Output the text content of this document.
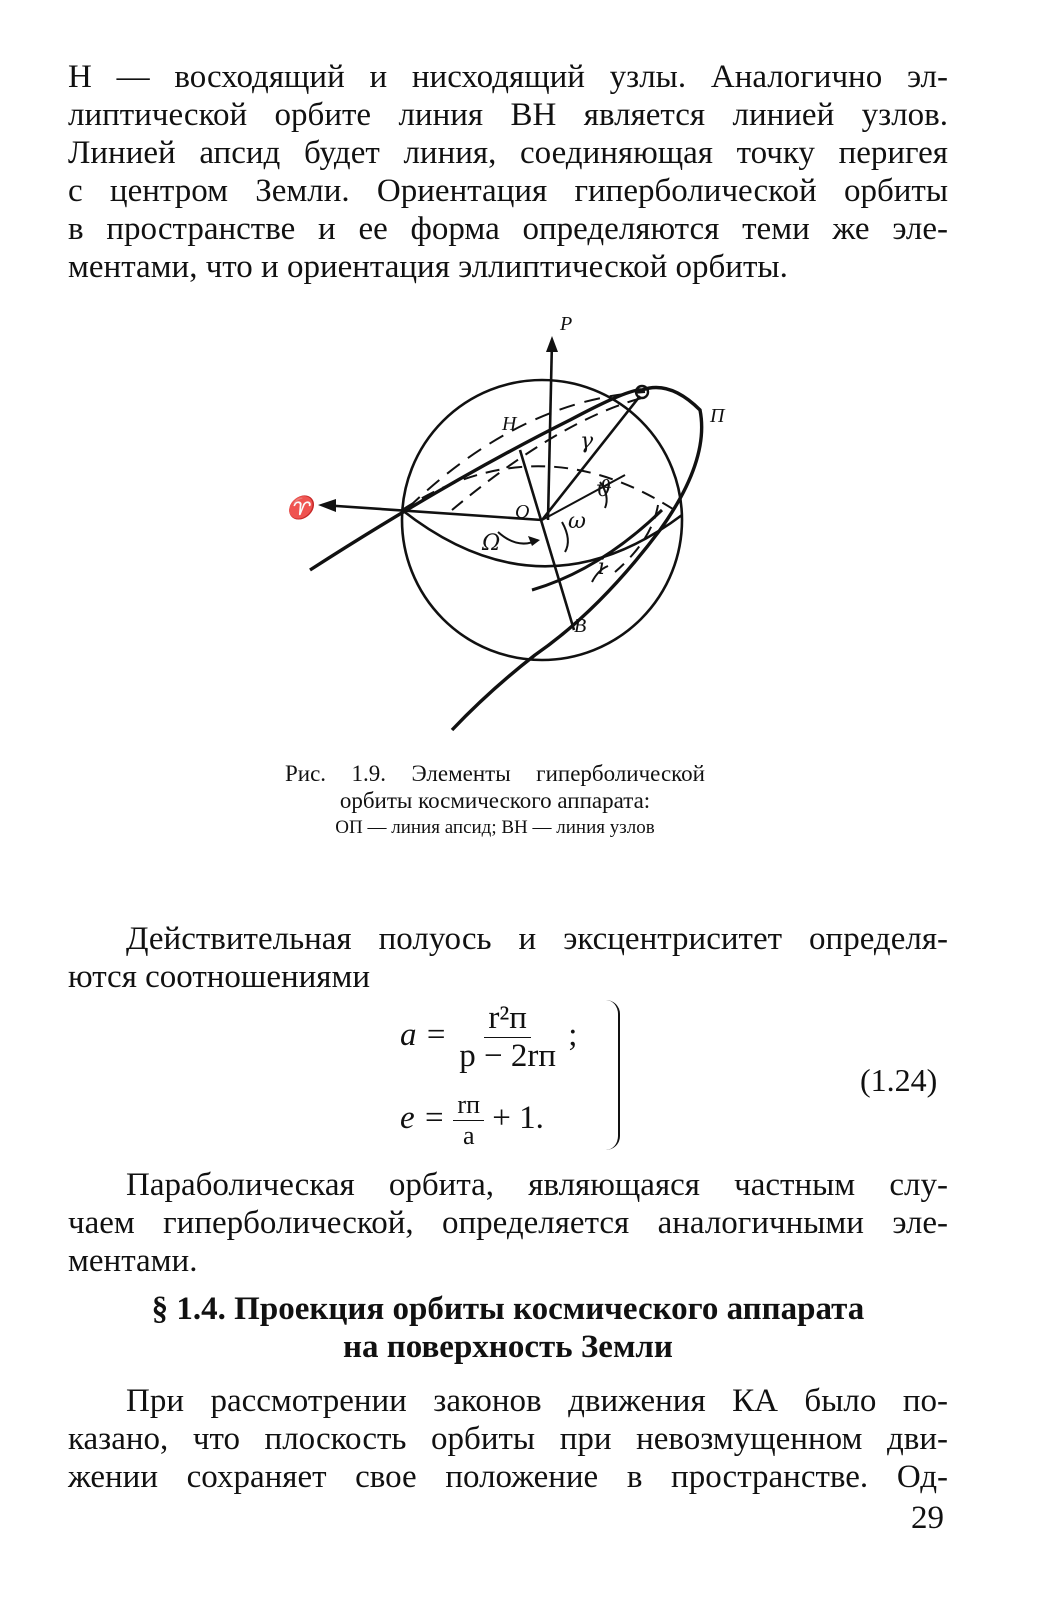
Н — восходящий и нисходящий узлы. Аналогично эл-
липтической орбите линия ВН является линией узлов.
Линией апсид будет линия, соединяющая точку перигея
с центром Земли. Ориентация гиперболической орбиты
в пространстве и ее форма определяются теми же эле-
ментами, что и ориентация эллиптической орбиты.

P
H
O
П
B
♈
Ω
ω
ϑ
γ
i
Рис. 1.9. Элементы гиперболической орбиты космического аппарата:
ОП — линия апсид; ВН — линия узлов

Действительная полуось и эксцентриситет определя-
ются соотношениями

$a = \frac{\text{r²п}}{p - 2rп}$ ;
$e = \frac{rп}{a} + 1$.
(1.24)

Параболическая орбита, являющаяся частным слу-
чаем гиперболической, определяется аналогичными эле-
ментами.

§ 1.4. Проекция орбиты космического аппарата
на поверхность Земли

При рассмотрении законов движения КА было по-
казано, что плоскость орбиты при невозмущенном дви-
жении сохраняет свое положение в пространстве. Од-

29
